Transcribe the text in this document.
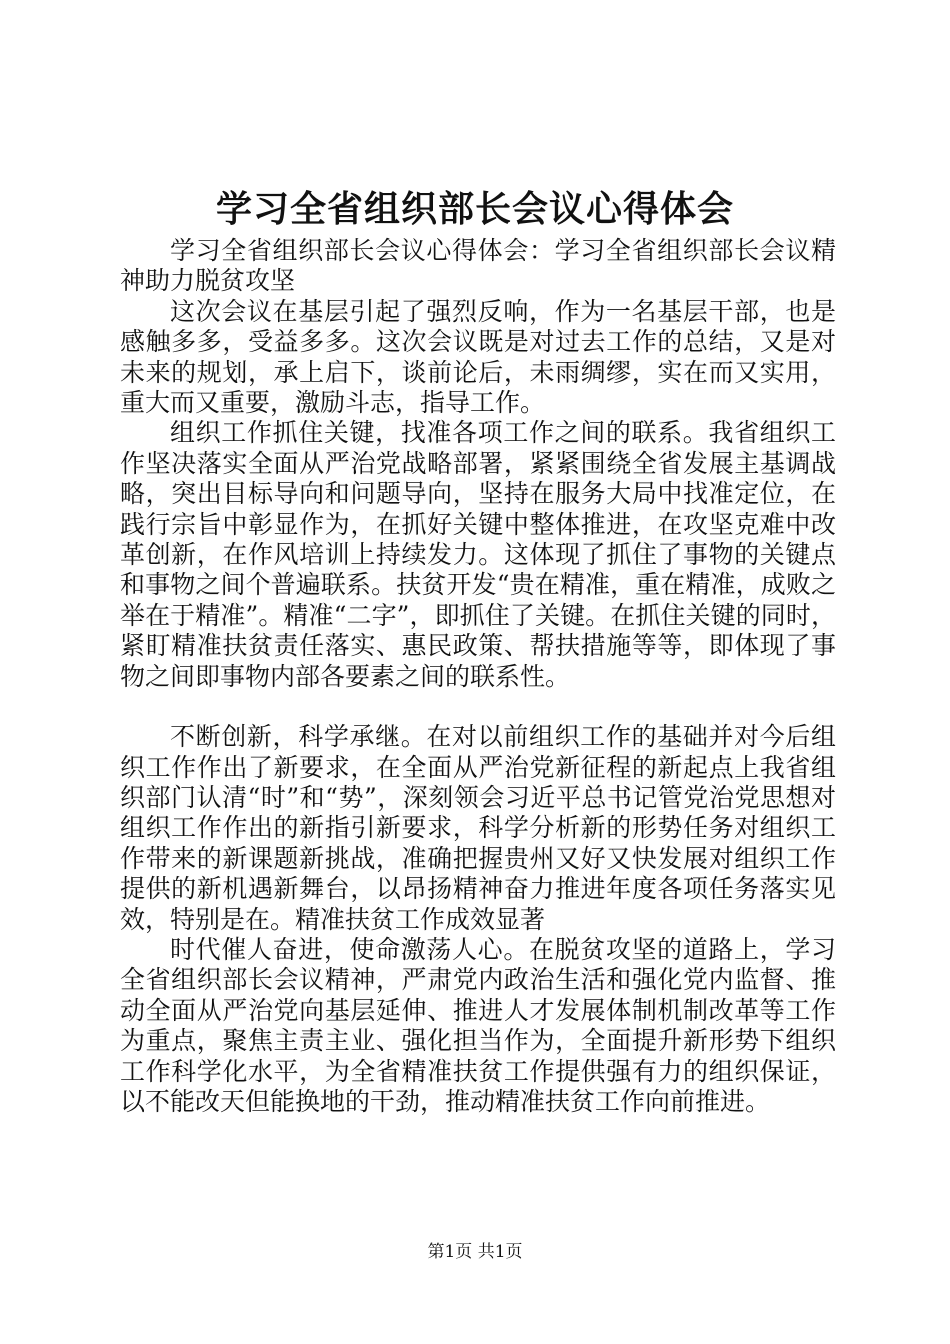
学习全省组织部长会议心得体会

学习全省组织部长会议心得体会：学习全省组织部长会议精神助力脱贫攻坚

这次会议在基层引起了强烈反响，作为一名基层干部，也是感触多多，受益多多。这次会议既是对过去工作的总结，又是对未来的规划，承上启下，谈前论后，未雨绸缪，实在而又实用，重大而又重要，激励斗志，指导工作。

组织工作抓住关键，找准各项工作之间的联系。我省组织工作坚决落实全面从严治党战略部署，紧紧围绕全省发展主基调战略，突出目标导向和问题导向，坚持在服务大局中找准定位，在践行宗旨中彰显作为，在抓好关键中整体推进，在攻坚克难中改革创新，在作风培训上持续发力。这体现了抓住了事物的关键点和事物之间个普遍联系。扶贫开发“贵在精准，重在精准，成败之举在于精准”。精准“二字”，即抓住了关键。在抓住关键的同时，紧盯精准扶贫责任落实、惠民政策、帮扶措施等等，即体现了事物之间即事物内部各要素之间的联系性。

不断创新，科学承继。在对以前组织工作的基础并对今后组织工作作出了新要求，在全面从严治党新征程的新起点上我省组织部门认清“时”和“势”，深刻领会习近平总书记管党治党思想对组织工作作出的新指引新要求，科学分析新的形势任务对组织工作带来的新课题新挑战，准确把握贵州又好又快发展对组织工作提供的新机遇新舞台，以昂扬精神奋力推进年度各项任务落实见效，特别是在。精准扶贫工作成效显著

时代催人奋进，使命激荡人心。在脱贫攻坚的道路上，学习全省组织部长会议精神，严肃党内政治生活和强化党内监督、推动全面从严治党向基层延伸、推进人才发展体制机制改革等工作为重点，聚焦主责主业、强化担当作为，全面提升新形势下组织工作科学化水平，为全省精准扶贫工作提供强有力的组织保证，以不能改天但能换地的干劲，推动精准扶贫工作向前推进。

第1页 共1页
